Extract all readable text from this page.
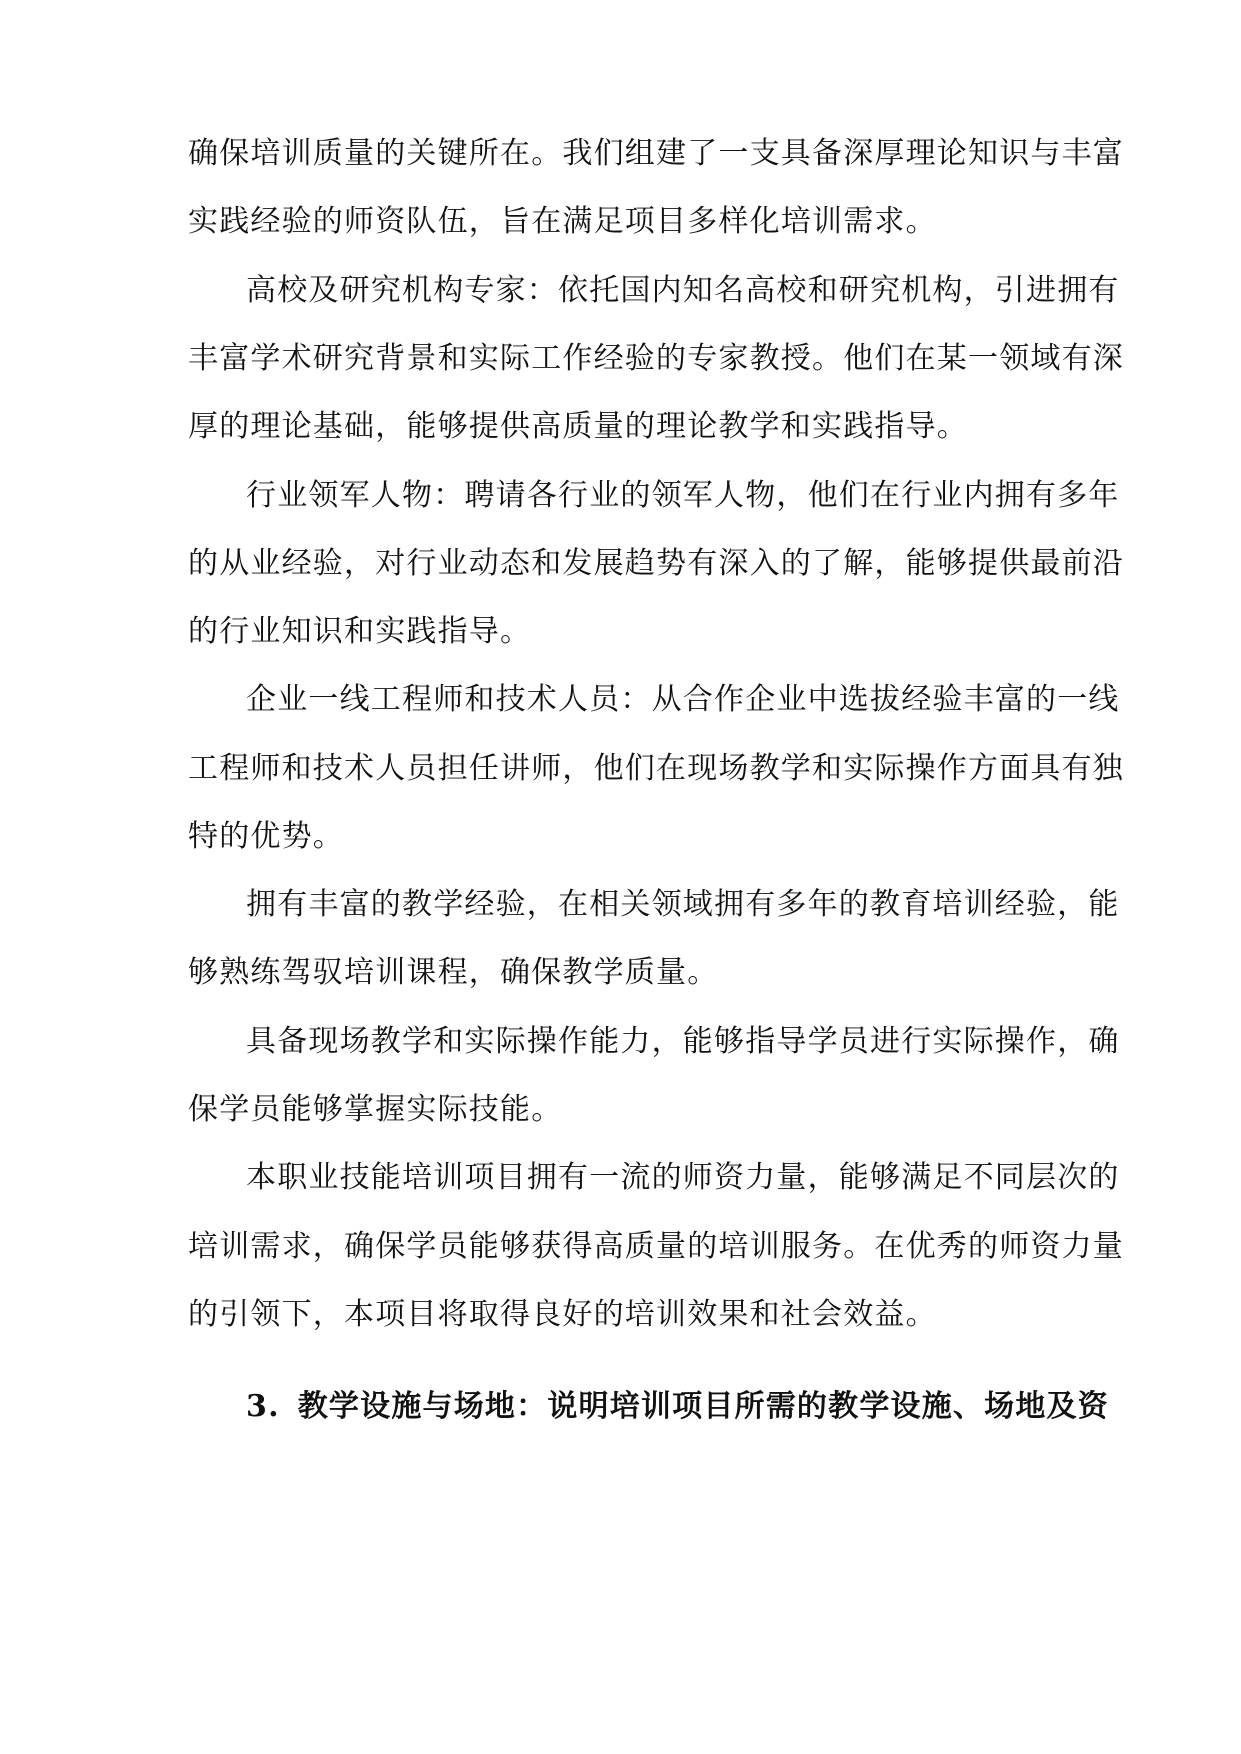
确保培训质量的关键所在。我们组建了一支具备深厚理论知识与丰富
实践经验的师资队伍，旨在满足项目多样化培训需求。
高校及研究机构专家：依托国内知名高校和研究机构，引进拥有
丰富学术研究背景和实际工作经验的专家教授。他们在某一领域有深
厚的理论基础，能够提供高质量的理论教学和实践指导。
行业领军人物：聘请各行业的领军人物，他们在行业内拥有多年
的从业经验，对行业动态和发展趋势有深入的了解，能够提供最前沿
的行业知识和实践指导。
企业一线工程师和技术人员：从合作企业中选拔经验丰富的一线
工程师和技术人员担任讲师，他们在现场教学和实际操作方面具有独
特的优势。
拥有丰富的教学经验，在相关领域拥有多年的教育培训经验，能
够熟练驾驭培训课程，确保教学质量。
具备现场教学和实际操作能力，能够指导学员进行实际操作，确
保学员能够掌握实际技能。
本职业技能培训项目拥有一流的师资力量，能够满足不同层次的
培训需求，确保学员能够获得高质量的培训服务。在优秀的师资力量
的引领下，本项目将取得良好的培训效果和社会效益。
3. 教学设施与场地：说明培训项目所需的教学设施、场地及资
